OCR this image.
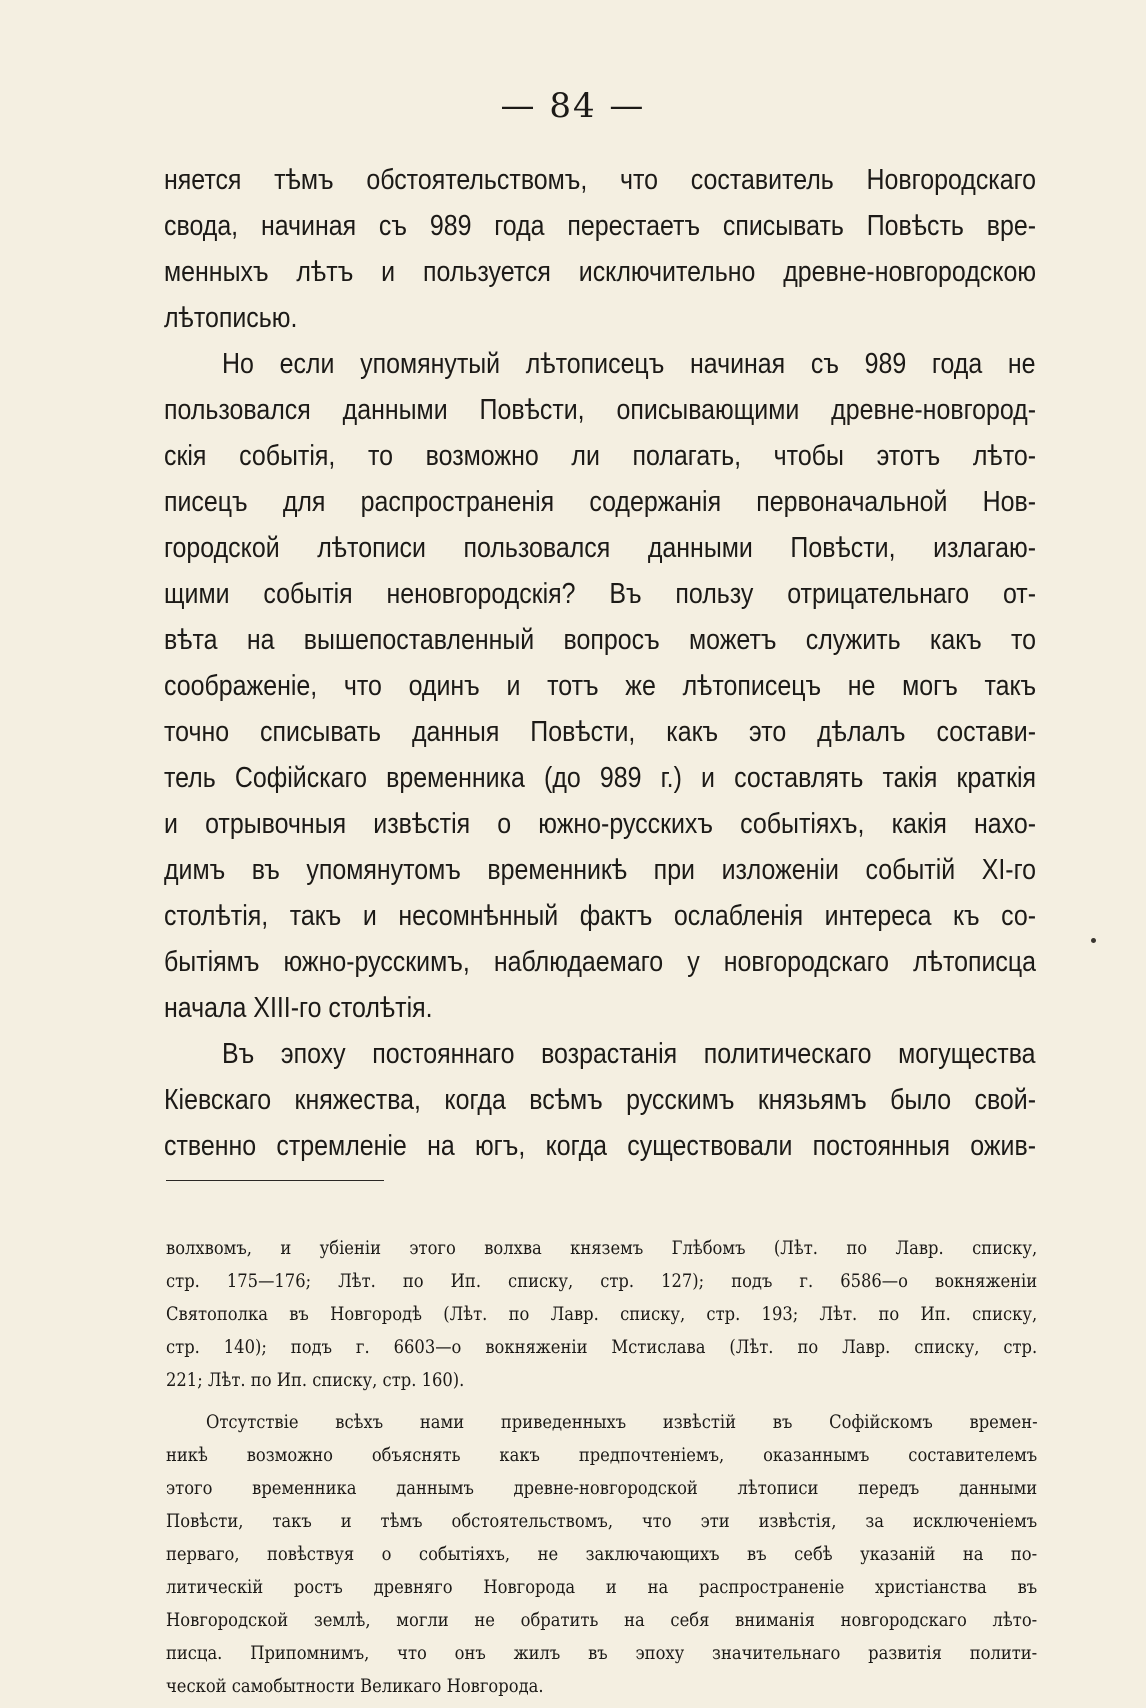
— 84 —
няется тѣмъ обстоятельствомъ, что составитель Новгородскаго
свода, начиная съ 989 года перестаетъ списывать Повѣсть вре-
менныхъ лѣтъ и пользуется исключительно древне-новгородскою
лѣтописью.
Но если упомянутый лѣтописецъ начиная съ 989 года не
пользовался данными Повѣсти, описывающими древне-новгород-
скія событія, то возможно ли полагать, чтобы этотъ лѣто-
писецъ для распространенія содержанія первоначальной Нов-
городской лѣтописи пользовался данными Повѣсти, излагаю-
щими событія неновгородскія? Въ пользу отрицательнаго от-
вѣта на вышепоставленный вопросъ можетъ служить какъ то
соображеніе, что одинъ и тотъ же лѣтописецъ не могъ такъ
точно списывать данныя Повѣсти, какъ это дѣлалъ состави-
тель Софійскаго временника (до 989 г.) и составлять такія краткія
и отрывочныя извѣстія о южно-русскихъ событіяхъ, какія нахо-
димъ въ упомянутомъ временникѣ при изложеніи событій XI-го
столѣтія, такъ и несомнѣнный фактъ ослабленія интереса къ со-
бытіямъ южно-русскимъ, наблюдаемаго у новгородскаго лѣтописца
начала XIII-го столѣтія.
Въ эпоху постояннаго возрастанія политическаго могущества
Кіевскаго княжества, когда всѣмъ русскимъ князьямъ было свой-
ственно стремленіе на югъ, когда существовали постоянныя ожив-
волхвомъ, и убіеніи этого волхва княземъ Глѣбомъ (Лѣт. по Лавр. списку,
стр. 175—176; Лѣт. по Ип. списку, стр. 127); подъ г. 6586—о вокняженіи
Святополка въ Новгородѣ (Лѣт. по Лавр. списку, стр. 193; Лѣт. по Ип. списку,
стр. 140); подъ г. 6603—о вокняженіи Мстислава (Лѣт. по Лавр. списку, стр.
221; Лѣт. по Ип. списку, стр. 160).
Отсутствіе всѣхъ нами приведенныхъ извѣстій въ Софійскомъ времен-
никѣ возможно объяснять какъ предпочтеніемъ, оказаннымъ составителемъ
этого временника даннымъ древне-новгородской лѣтописи передъ данными
Повѣсти, такъ и тѣмъ обстоятельствомъ, что эти извѣстія, за исключеніемъ
перваго, повѣствуя о событіяхъ, не заключающихъ въ себѣ указаній на по-
литическій ростъ древняго Новгорода и на распространеніе христіанства въ
Новгородской землѣ, могли не обратить на себя вниманія новгородскаго лѣто-
писца. Припомнимъ, что онъ жилъ въ эпоху значительнаго развитія полити-
ческой самобытности Великаго Новгорода.
